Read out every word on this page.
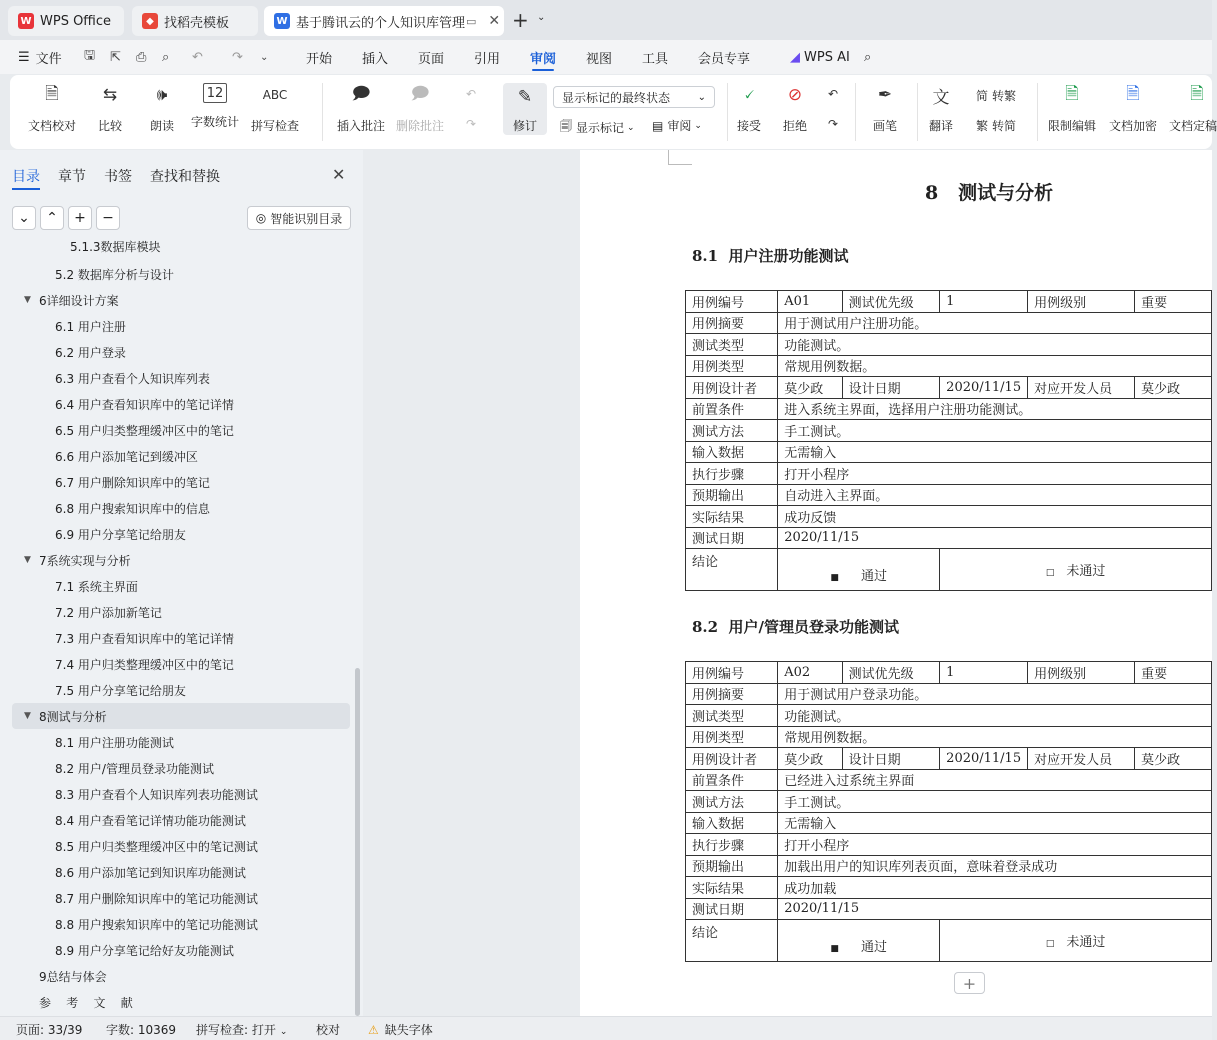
W WPS Office	◆ 找稻壳模板	W 基于腾讯云的个人知识库管理 ▭ ✕ + ⌄
☰ 文件 🖫 ⇱ ⎙ ⌕ ↶ ↷ ⌄	开始 插入 页面 引用 审阅 视图 工具 会员专享	◢ WPS AI ⌕
🗎
文档校对
⇆
比较
🕪
朗读
12
字数统计
ABC
拼写检查
🗩
插入批注
🗩
删除批注
↶
↷
✎
修订
显示标记的最终状态	⌄
🗐 显示标记 ⌄ ▤ 审阅 ⌄
🗸
接受
⊘
拒绝
↶
↷
✒
画笔
文
翻译
简 转繁
繁 转简
🗎
限制编辑
🗎
文档加密
🗎
文档定稿
目录 章节 书签 查找和替换	✕
⌄ ⌃ + −	◎ 智能识别目录
5.1.3数据库模块
5.2 数据库分析与设计
▼ 6详细设计方案
6.1 用户注册
6.2 用户登录
6.3 用户查看个人知识库列表
6.4 用户查看知识库中的笔记详情
6.5 用户归类整理缓冲区中的笔记
6.6 用户添加笔记到缓冲区
6.7 用户删除知识库中的笔记
6.8 用户搜索知识库中的信息
6.9 用户分享笔记给朋友
▼ 7系统实现与分析
7.1 系统主界面
7.2 用户添加新笔记
7.3 用户查看知识库中的笔记详情
7.4 用户归类整理缓冲区中的笔记
7.5 用户分享笔记给朋友
▼ 8测试与分析
8.1 用户注册功能测试
8.2 用户/管理员登录功能测试
8.3 用户查看个人知识库列表功能测试
8.4 用户查看笔记详情功能功能测试
8.5 用户归类整理缓冲区中的笔记测试
8.6 用户添加笔记到知识库功能测试
8.7 用户删除知识库中的笔记功能测试
8.8 用户搜索知识库中的笔记功能测试
8.9 用户分享笔记给好友功能测试
9总结与体会
参    考    文    献
8   测试与分析
8.1  用户注册功能测试
用例编号	A01	测试优先级	1	用例级别	重要
用例摘要	用于测试用户注册功能。				
测试类型	功能测试。				
用例类型	常规用例数据。				
用例设计者	莫少政	设计日期	2020/11/15	对应开发人员	莫少政
前置条件	进入系统主界面，选择用户注册功能测试。				
测试方法	手工测试。				
输入数据	无需输入				
执行步骤	打开小程序				
预期输出	自动进入主界面。				
实际结果	成功反馈				
测试日期	2020/11/15				
结论	■ 通过		□ 未通过		
8.2  用户/管理员登录功能测试
用例编号	A02	测试优先级	1	用例级别	重要
用例摘要	用于测试用户登录功能。				
测试类型	功能测试。				
用例类型	常规用例数据。				
用例设计者	莫少政	设计日期	2020/11/15	对应开发人员	莫少政
前置条件	已经进入过系统主界面				
测试方法	手工测试。				
输入数据	无需输入				
执行步骤	打开小程序				
预期输出	加载出用户的知识库列表页面，意味着登录成功				
实际结果	成功加载				
测试日期	2020/11/15				
结论	■ 通过		□ 未通过		
+
页面: 33/39 字数: 10369 拼写检查: 打开 ⌄ 校对 ⚠ 缺失字体
